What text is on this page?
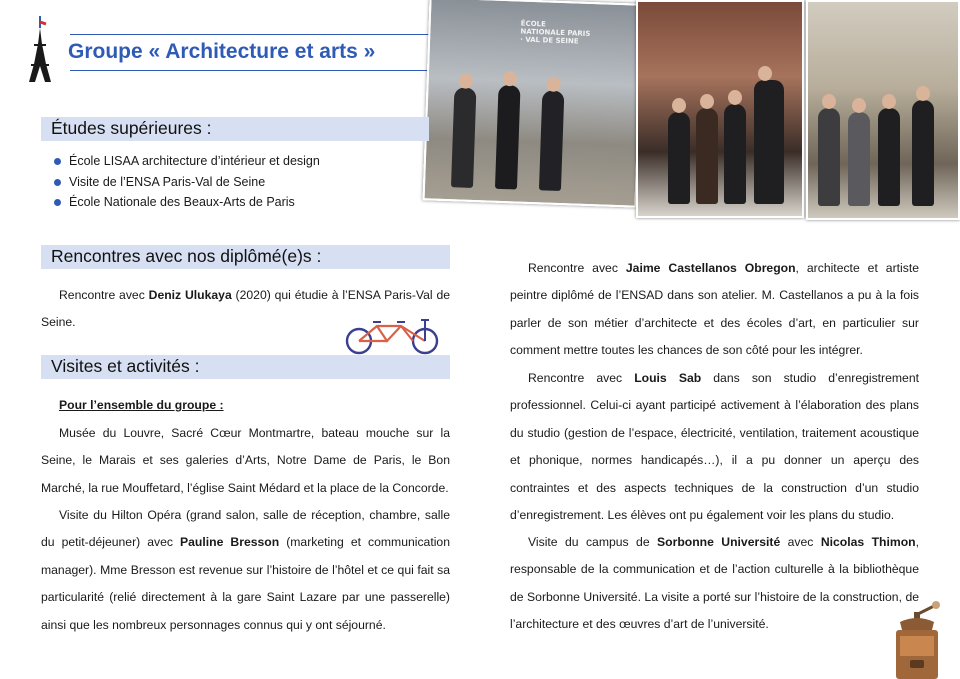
Groupe « Architecture et arts »
ÉCOLE NATIONALE PARIS · VAL DE SEINE
Études supérieures :
École LISAA architecture d’intérieur et design
Visite de l’ENSA Paris-Val de Seine
École Nationale des Beaux-Arts de Paris
Rencontres avec nos diplômé(e)s :

Rencontre avec Deniz Ulukaya (2020) qui étudie à l’ENSA Paris-Val de Seine.

Visites et activités :

Pour l’ensemble du groupe :

Musée du Louvre, Sacré Cœur Montmartre, bateau mouche sur la Seine, le Marais et ses galeries d’Arts, Notre Dame de Paris, le Bon Marché, la rue Mouffetard, l’église Saint Médard et la place de la Concorde.

Visite du Hilton Opéra (grand salon, salle de réception, chambre, salle du petit-déjeuner) avec Pauline Bresson (marketing et communication manager). Mme Bresson est revenue sur l’histoire de l’hôtel et ce qui fait sa particularité (relié directement à la gare Saint Lazare par une passerelle) ainsi que les nombreux personnages connus qui y ont séjourné.

Rencontre avec Jaime Castellanos Obregon, architecte et artiste peintre diplômé de l’ENSAD dans son atelier. M. Castellanos a pu à la fois parler de son métier d’architecte et des écoles d’art, en particulier sur comment mettre toutes les chances de son côté pour les intégrer.

Rencontre avec Louis Sab dans son studio d’enregistrement professionnel. Celui-ci ayant participé activement à l’élaboration des plans du studio (gestion de l’espace, électricité, ventilation, traitement acoustique et phonique, normes handicapés…), il a pu donner un aperçu des contraintes et des aspects techniques de la construction d’un studio d’enregistrement. Les élèves ont pu également voir les plans du studio.

Visite du campus de Sorbonne Université avec Nicolas Thimon, responsable de la communication et de l’action culturelle à la bibliothèque de Sorbonne Université. La visite a porté sur l’histoire de la construction, de l’architecture et des œuvres d’art de l’université.
